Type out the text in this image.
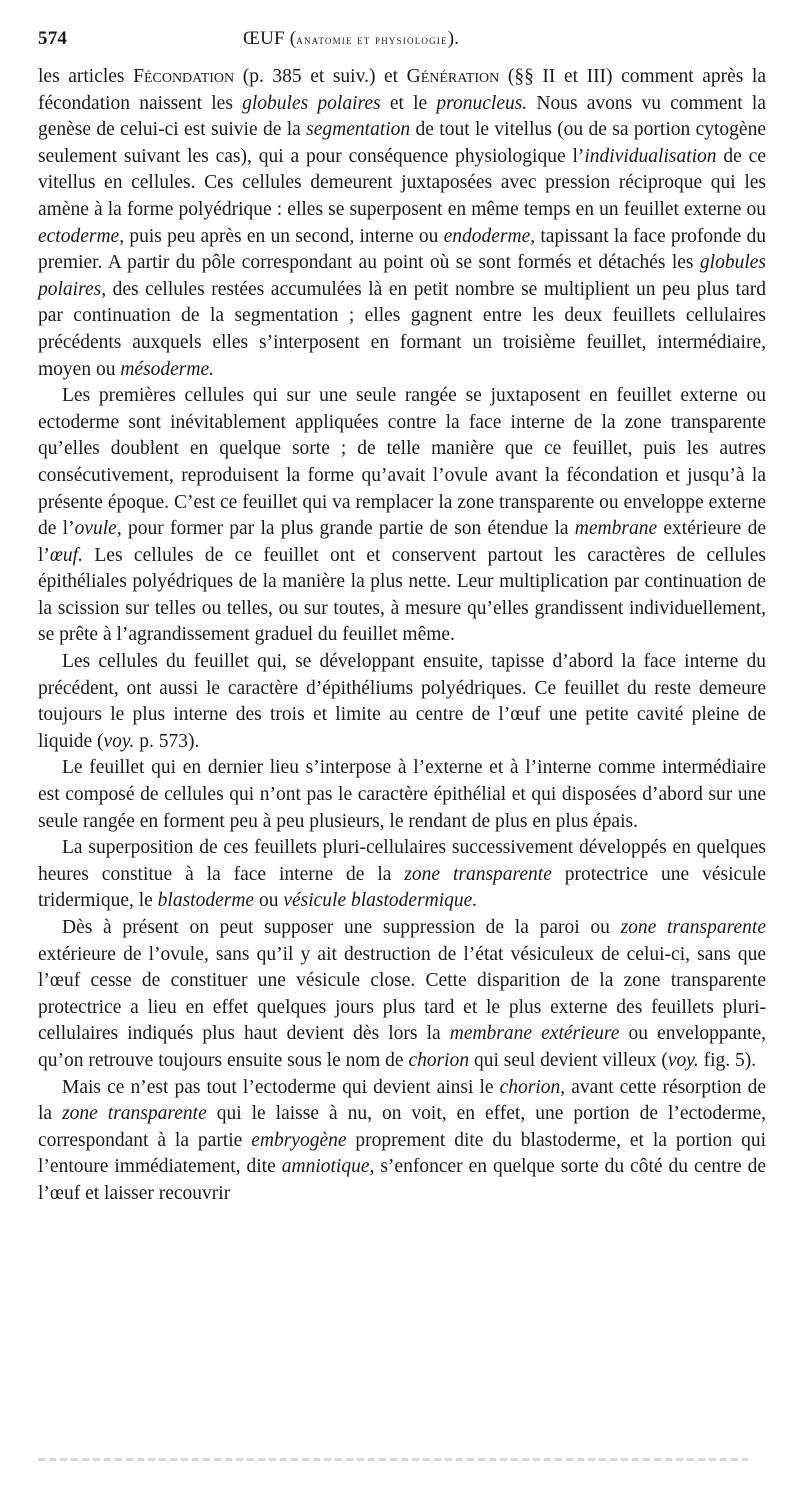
574	ŒUF (anatomie et physiologie).

les articles Fécondation (p. 385 et suiv.) et Génération (§§ II et III) comment après la fécondation naissent les globules polaires et le pronucleus. Nous avons vu comment la genèse de celui-ci est suivie de la segmentation de tout le vitellus (ou de sa portion cytogène seulement suivant les cas), qui a pour conséquence physiologique l’individualisation de ce vitellus en cellules. Ces cellules demeurent juxtaposées avec pression réciproque qui les amène à la forme polyédrique : elles se superposent en même temps en un feuillet externe ou ectoderme, puis peu après en un second, interne ou endoderme, tapissant la face profonde du premier. A partir du pôle correspondant au point où se sont formés et détachés les globules polaires, des cellules restées accumulées là en petit nombre se multiplient un peu plus tard par continuation de la segmentation ; elles gagnent entre les deux feuillets cellulaires précédents auxquels elles s’interposent en formant un troisième feuillet, intermédiaire, moyen ou mésoderme.

Les premières cellules qui sur une seule rangée se juxtaposent en feuillet externe ou ectoderme sont inévitablement appliquées contre la face interne de la zone transparente qu’elles doublent en quelque sorte ; de telle manière que ce feuillet, puis les autres consécutivement, reproduisent la forme qu’avait l’ovule avant la fécondation et jusqu’à la présente époque. C’est ce feuillet qui va remplacer la zone transparente ou enveloppe externe de l’ovule, pour former par la plus grande partie de son étendue la membrane extérieure de l’œuf. Les cellules de ce feuillet ont et conservent partout les caractères de cellules épithéliales polyédriques de la manière la plus nette. Leur multiplication par continuation de la scission sur telles ou telles, ou sur toutes, à mesure qu’elles grandissent individuellement, se prête à l’agrandissement graduel du feuillet même.

Les cellules du feuillet qui, se développant ensuite, tapisse d’abord la face interne du précédent, ont aussi le caractère d’épithéliums polyédriques. Ce feuillet du reste demeure toujours le plus interne des trois et limite au centre de l’œuf une petite cavité pleine de liquide (voy. p. 573).

Le feuillet qui en dernier lieu s’interpose à l’externe et à l’interne comme intermédiaire est composé de cellules qui n’ont pas le caractère épithélial et qui disposées d’abord sur une seule rangée en forment peu à peu plusieurs, le rendant de plus en plus épais.

La superposition de ces feuillets pluri-cellulaires successivement développés en quelques heures constitue à la face interne de la zone transparente protectrice une vésicule tridermique, le blastoderme ou vésicule blastodermique.

Dès à présent on peut supposer une suppression de la paroi ou zone transparente extérieure de l’ovule, sans qu’il y ait destruction de l’état vésiculeux de celui-ci, sans que l’œuf cesse de constituer une vésicule close. Cette disparition de la zone transparente protectrice a lieu en effet quelques jours plus tard et le plus externe des feuillets pluri-cellulaires indiqués plus haut devient dès lors la membrane extérieure ou enveloppante, qu’on retrouve toujours ensuite sous le nom de chorion qui seul devient villeux (voy. fig. 5).

Mais ce n’est pas tout l’ectoderme qui devient ainsi le chorion, avant cette résorption de la zone transparente qui le laisse à nu, on voit, en effet, une portion de l’ectoderme, correspondant à la partie embryogène proprement dite du blastoderme, et la portion qui l’entoure immédiatement, dite amniotique, s’enfoncer en quelque sorte du côté du centre de l’œuf et laisser recouvrir
